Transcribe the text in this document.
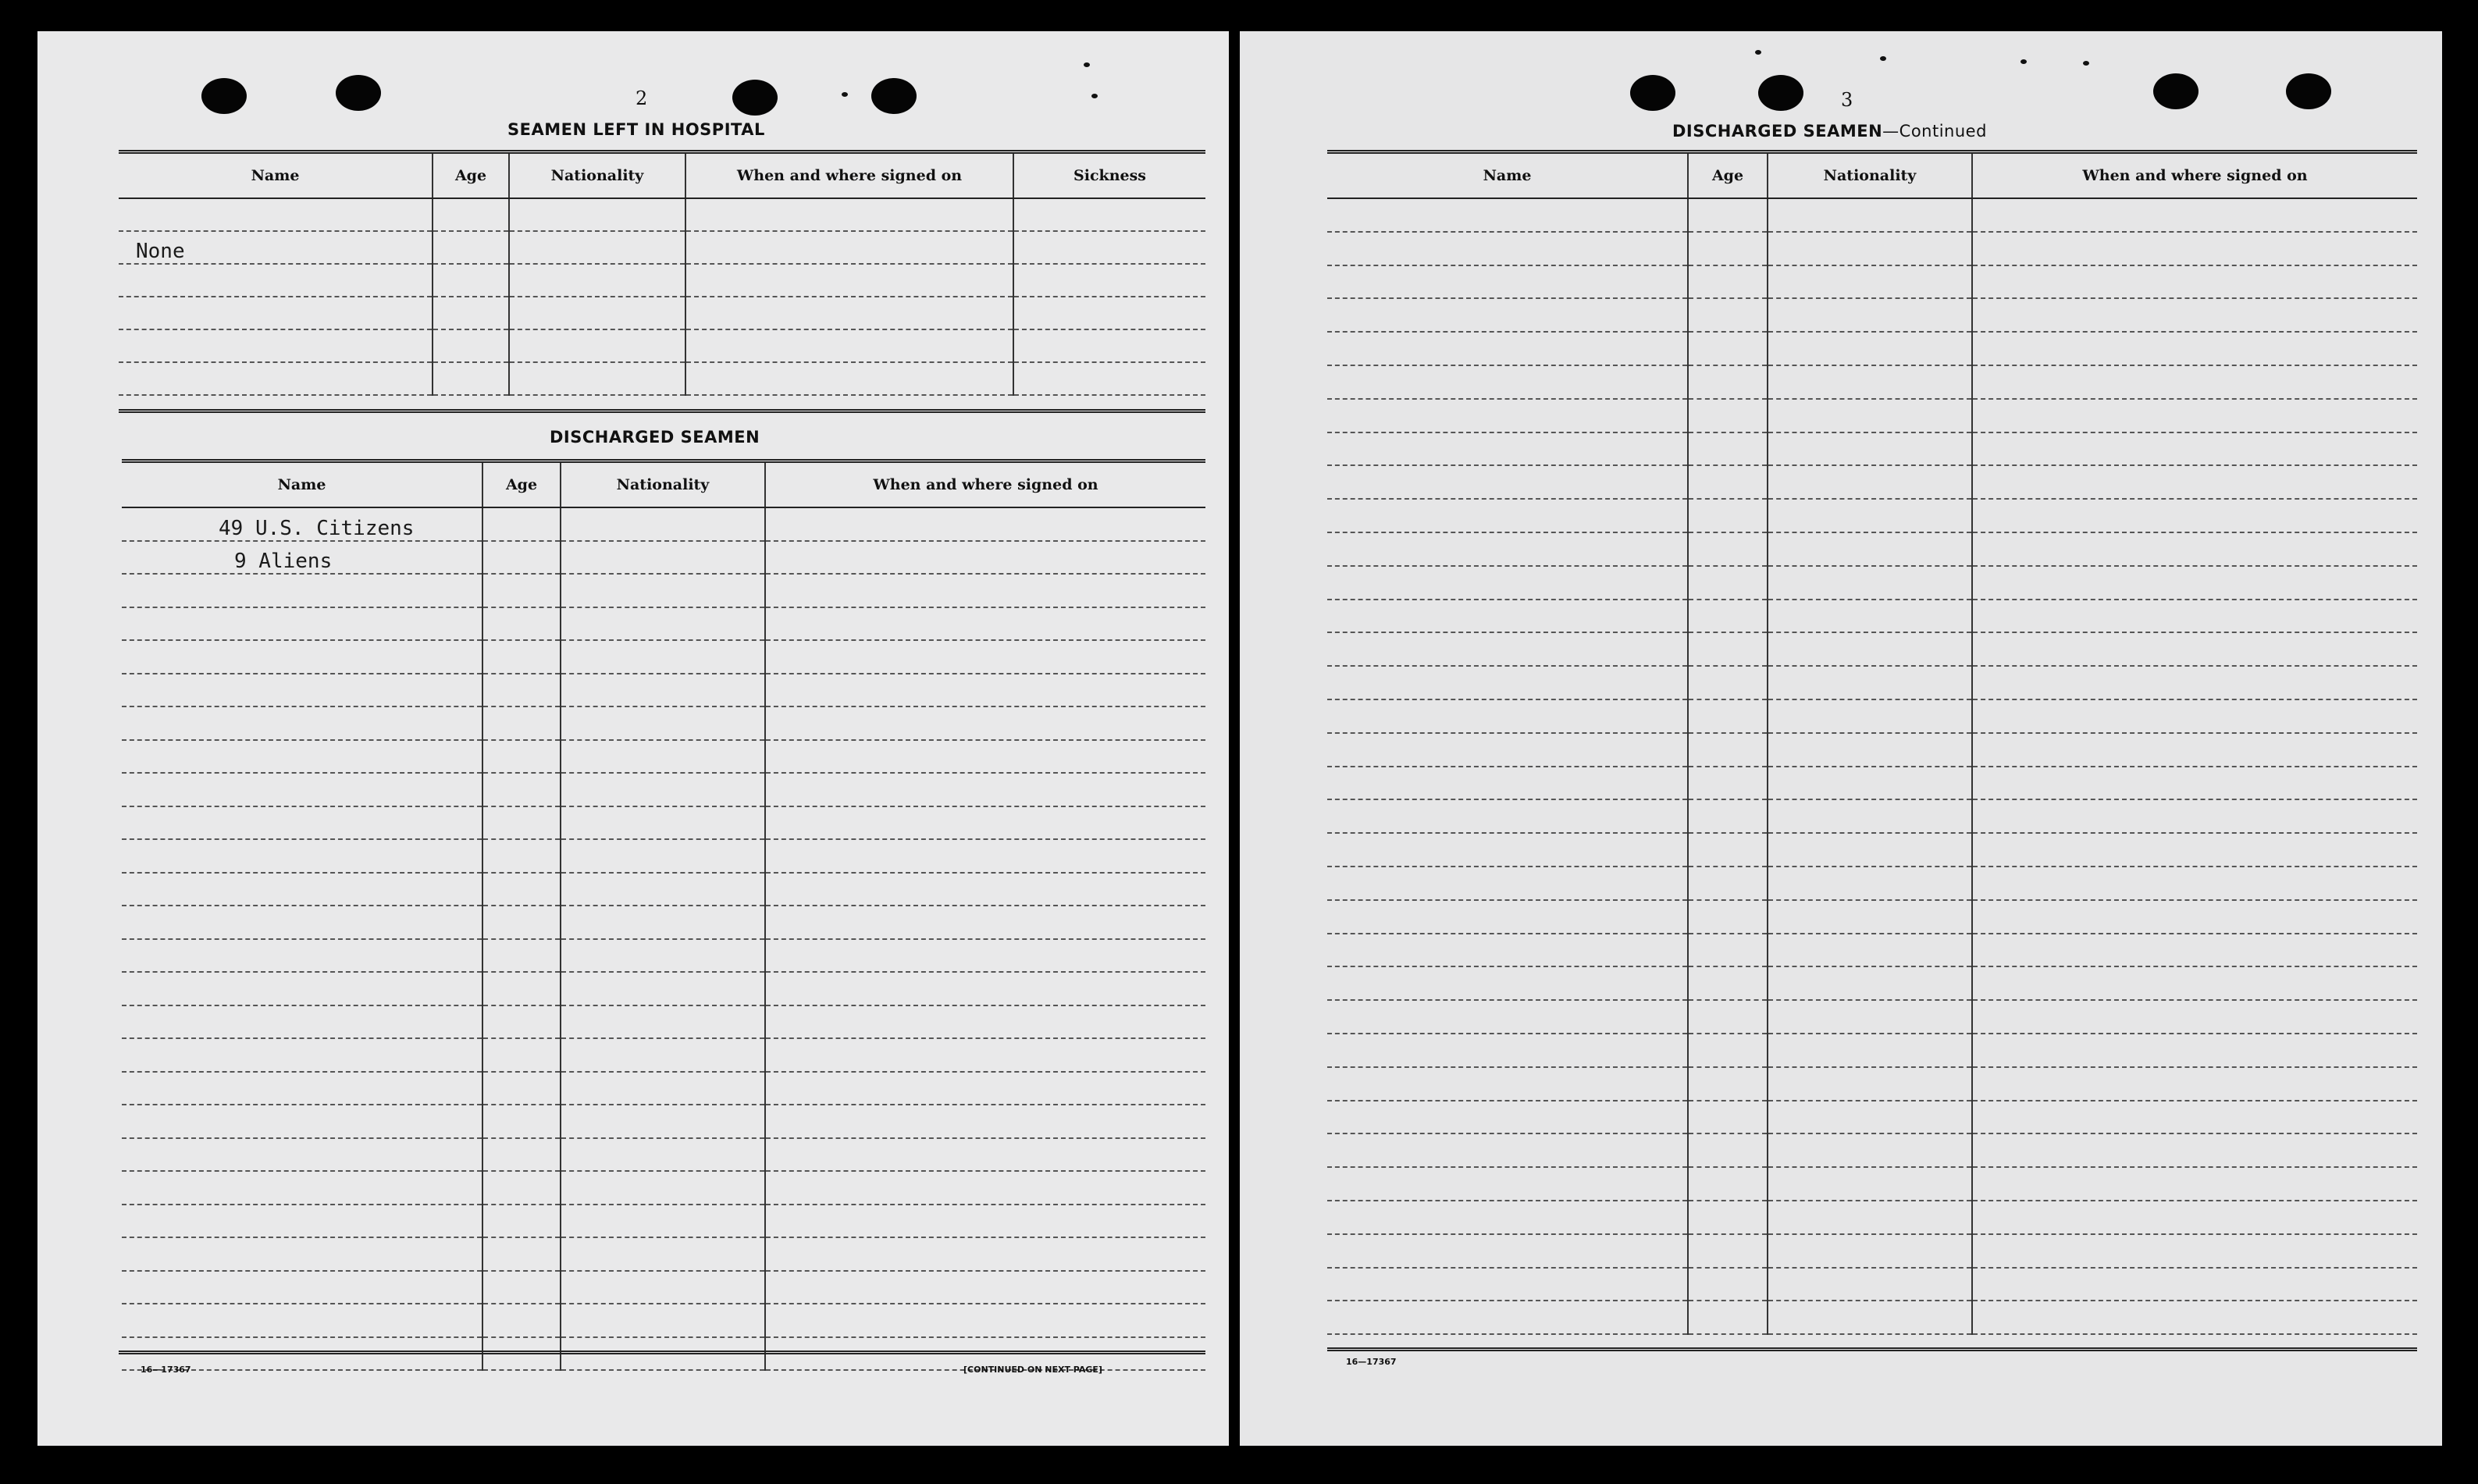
2
SEAMEN LEFT IN HOSPITAL
Name	Age	Nationality	When and where signed on	Sickness

None				

DISCHARGED SEAMEN
Name	Age	Nationality	When and where signed on
49 U.S. Citizens			
9 Aliens			

16—17367	[CONTINUED ON NEXT PAGE]
3
DISCHARGED SEAMEN—Continued
Name	Age	Nationality	When and where signed on

16—17367
